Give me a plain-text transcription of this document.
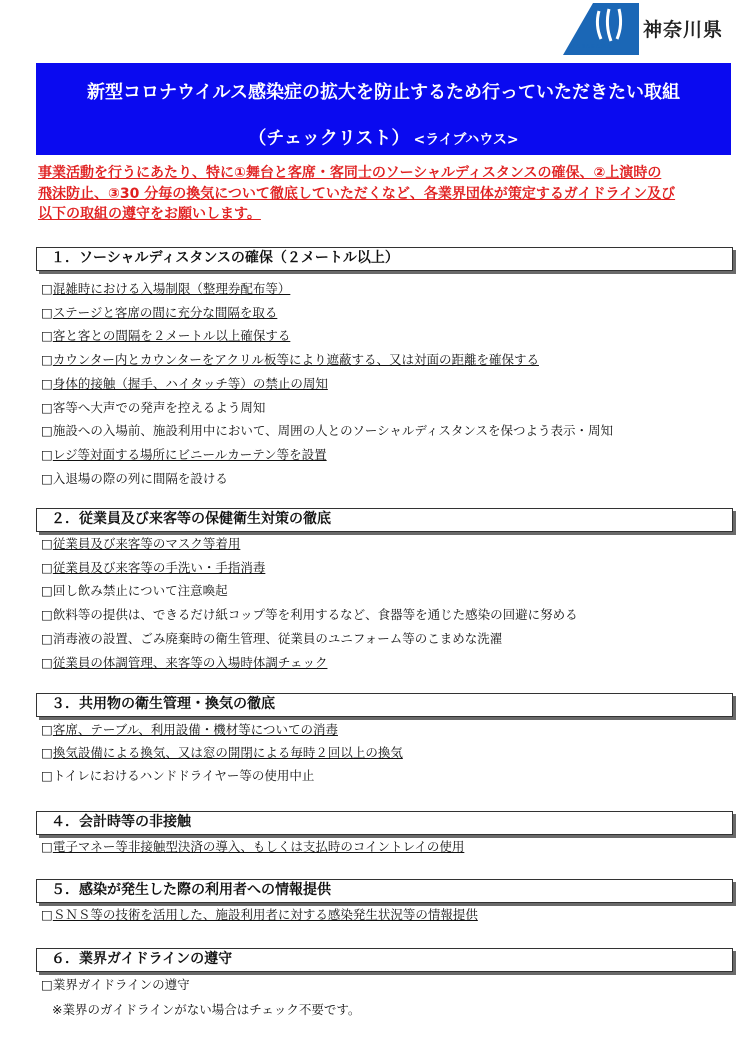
KANAGAWA
神奈川県
新型コロナウイルス感染症の拡大を防止するため行っていただきたい取組
（チェックリスト） <ライブハウス>
事業活動を行うにあたり、特に①舞台と客席・客同士のソーシャルディスタンスの確保、②上演時の
飛沫防止、③30 分毎の換気について徹底していただくなど、各業界団体が策定するガイドライン及び
以下の取組の遵守をお願いします。
１．ソーシャルディスタンスの確保（２メートル以上）
□混雑時における入場制限（整理券配布等）
□ステージと客席の間に充分な間隔を取る
□客と客との間隔を２メートル以上確保する
□カウンター内とカウンターをアクリル板等により遮蔽する、又は対面の距離を確保する
□身体的接触（握手、ハイタッチ等）の禁止の周知
□客等へ大声での発声を控えるよう周知
□施設への入場前、施設利用中において、周囲の人とのソーシャルディスタンスを保つよう表示・周知
□レジ等対面する場所にビニールカーテン等を設置
□入退場の際の列に間隔を設ける
２．従業員及び来客等の保健衛生対策の徹底
□従業員及び来客等のマスク等着用
□従業員及び来客等の手洗い・手指消毒
□回し飲み禁止について注意喚起
□飲料等の提供は、できるだけ紙コップ等を利用するなど、食器等を通じた感染の回避に努める
□消毒液の設置、ごみ廃棄時の衛生管理、従業員のユニフォーム等のこまめな洗濯
□従業員の体調管理、来客等の入場時体調チェック
３．共用物の衛生管理・換気の徹底
□客席、テーブル、利用設備・機材等についての消毒
□換気設備による換気、又は窓の開閉による毎時２回以上の換気
□トイレにおけるハンドドライヤー等の使用中止
４．会計時等の非接触
□電子マネー等非接触型決済の導入、もしくは支払時のコイントレイの使用
５．感染が発生した際の利用者への情報提供
□ＳＮＳ等の技術を活用した、施設利用者に対する感染発生状況等の情報提供
６．業界ガイドラインの遵守
□業界ガイドラインの遵守
※業界のガイドラインがない場合はチェック不要です。
